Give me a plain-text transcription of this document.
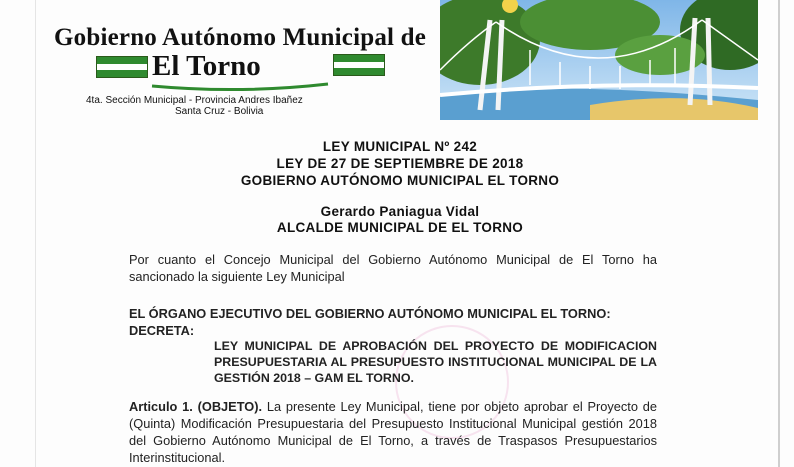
Gobierno Autónomo Municipal de
El Torno
4ta. Sección Municipal - Provincia Andres Ibañez
Santa Cruz - Bolivia
LEY MUNICIPAL Nº 242
LEY DE 27 DE SEPTIEMBRE DE 2018
GOBIERNO AUTÓNOMO MUNICIPAL EL TORNO
Gerardo Paniagua Vidal
ALCALDE MUNICIPAL DE EL TORNO
Por cuanto el Concejo Municipal del Gobierno Autónomo Municipal de El Torno ha sancionado la siguiente Ley Municipal
EL ÓRGANO EJECUTIVO DEL GOBIERNO AUTÓNOMO MUNICIPAL EL TORNO:
DECRETA:
LEY MUNICIPAL DE APROBACIÓN DEL PROYECTO DE MODIFICACION PRESUPUESTARIA AL PRESUPUESTO INSTITUCIONAL MUNICIPAL DE LA GESTIÓN 2018 – GAM EL TORNO.
Articulo 1. (OBJETO). La presente Ley Municipal, tiene por objeto aprobar el Proyecto de (Quinta) Modificación Presupuestaria del Presupuesto Institucional Municipal gestión 2018 del Gobierno Autónomo Municipal de El Torno, a través de Traspasos Presupuestarios Interinstitucional.
